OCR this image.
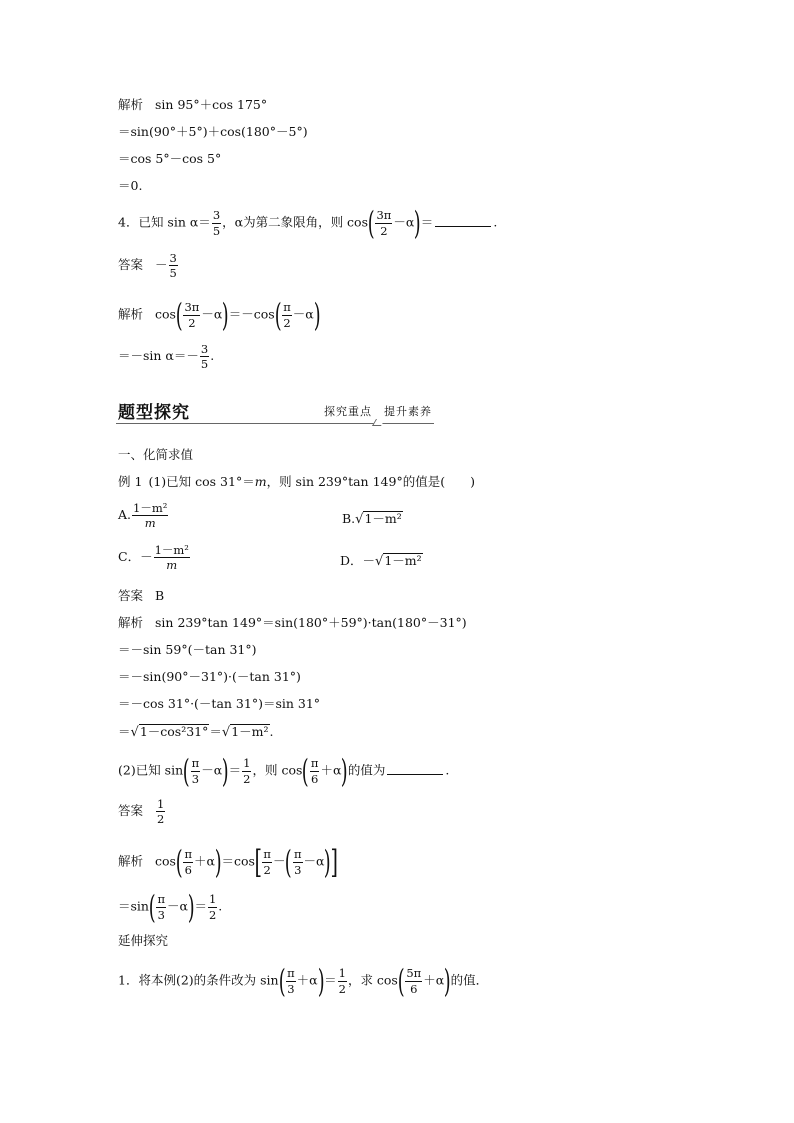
解析 sin 95°＋cos 175°
＝sin(90°＋5°)＋cos(180°－5°)
＝cos 5°－cos 5°
＝0.
4．已知 $\sin \alpha= \frac{3}{5}$ ，α为第二象限角，则 $\cos( \frac{3\pi}{2} -\alpha)=$	.
答案 － $\frac{3}{5}$
解析 $\cos( \frac{3\pi}{2} -\alpha)=-\cos( \frac{\pi}{2} -\alpha)$
＝－sin $\alpha=- \frac{3}{5}$ .
题型探究	探究重点　提升素养
一、化简求值
例 1 (1)已知 cos 31°＝m，则 sin 239°tan 149°的值是(　　)
A. $\frac{\text{1－m²}}{m}$	B.√1－m²
C．－ $\frac{\text{1－m²}}{m}$	D．－√1－m²
答案 B
解析 sin 239°tan 149°＝sin(180°＋59°)·tan(180°－31°)
＝－sin 59°(－tan 31°)
＝－sin(90°－31°)·(－tan 31°)
＝－cos 31°·(－tan 31°)＝sin 31°
＝√1－cos²31°＝√1－m².
(2)已知 $\sin( \frac{\pi}{3} -\alpha)= \frac{1}{2}$ ，则 $\cos( \frac{\pi}{6} +\alpha)$的值为	.
答案 $\frac{1}{2}$
解析 $\cos( \frac{\pi}{6} +\alpha)=\cos[ \frac{\pi}{2}$ －( $\frac{\pi}{3} -\alpha$)]
$=\sin( \frac{\pi}{3} -\alpha)= \frac{1}{2}$ .
延伸探究
1．将本例(2)的条件改为 $\sin( \frac{\pi}{3} +\alpha)= \frac{1}{2}$ ，求 $\cos( \frac{5\pi}{6} +\alpha)$的值．
